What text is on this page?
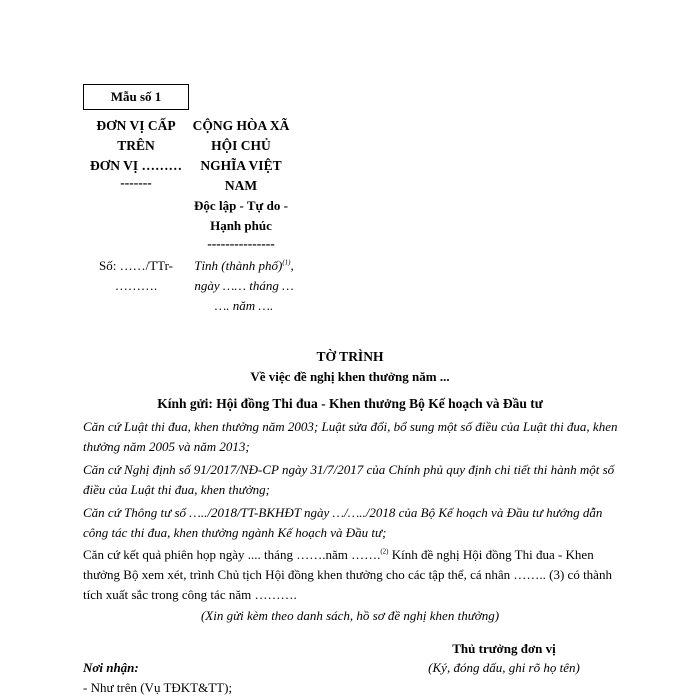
Mẫu số 1
ĐƠN VỊ CẤP
TRÊN
ĐƠN VỊ ………
-------
CỘNG HÒA XÃ
HỘI CHỦ
NGHĨA VIỆT
NAM
Độc lập - Tự do -
Hạnh phúc
---------------
Số: ……/TTr-
……….
Tỉnh (thành phố)$^{(1)}$,
ngày …… tháng …
…. năm ….
TỜ TRÌNH
Về việc đề nghị khen thưởng năm ...
Kính gửi: Hội đồng Thi đua - Khen thưởng Bộ Kế hoạch và Đầu tư
Căn cứ Luật thi đua, khen thưởng năm 2003; Luật sửa đổi, bổ sung một số điều của Luật thi đua, khen thưởng năm 2005 và năm 2013;
Căn cứ Nghị định số 91/2017/NĐ-CP ngày 31/7/2017 của Chính phủ quy định chi tiết thi hành một số điều của Luật thi đua, khen thưởng;
Căn cứ Thông tư số …../2018/TT-BKHĐT ngày …/…../2018 của Bộ Kế hoạch và Đầu tư hướng dẫn công tác thi đua, khen thưởng ngành Kế hoạch và Đầu tư;
Căn cứ kết quả phiên họp ngày .... tháng …….năm …….$^{(2)}$ Kính đề nghị Hội đồng Thi đua - Khen thưởng Bộ xem xét, trình Chủ tịch Hội đồng khen thưởng cho các tập thể, cá nhân …….. (3) có thành tích xuất sắc trong công tác năm ……….
(Xin gửi kèm theo danh sách, hồ sơ đề nghị khen thưởng)
Thủ trưởng đơn vị
(Ký, đóng dấu, ghi rõ họ tên)
Nơi nhận:
- Như trên (Vụ TĐKT&TT);
